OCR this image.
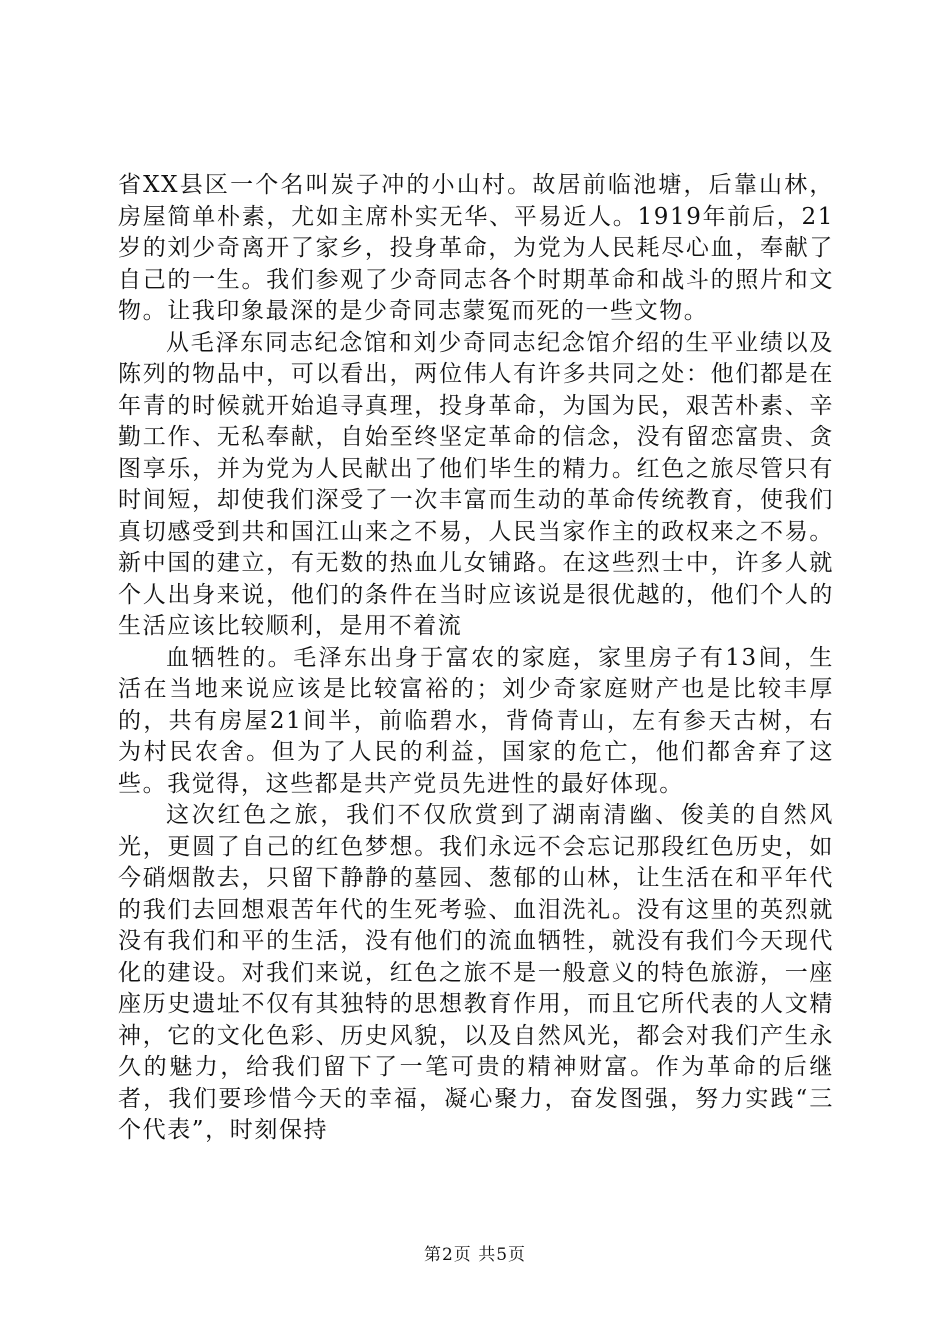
省XX县区一个名叫炭子冲的小山村。故居前临池塘，后靠山林，房屋简单朴素，尤如主席朴实无华、平易近人。1919年前后，21岁的刘少奇离开了家乡，投身革命，为党为人民耗尽心血，奉献了自己的一生。我们参观了少奇同志各个时期革命和战斗的照片和文物。让我印象最深的是少奇同志蒙冤而死的一些文物。

从毛泽东同志纪念馆和刘少奇同志纪念馆介绍的生平业绩以及陈列的物品中，可以看出，两位伟人有许多共同之处：他们都是在年青的时候就开始追寻真理，投身革命，为国为民，艰苦朴素、辛勤工作、无私奉献，自始至终坚定革命的信念，没有留恋富贵、贪图享乐，并为党为人民献出了他们毕生的精力。红色之旅尽管只有时间短，却使我们深受了一次丰富而生动的革命传统教育，使我们真切感受到共和国江山来之不易，人民当家作主的政权来之不易。新中国的建立，有无数的热血儿女铺路。在这些烈士中，许多人就个人出身来说，他们的条件在当时应该说是很优越的，他们个人的生活应该比较顺利，是用不着流

血牺牲的。毛泽东出身于富农的家庭，家里房子有13间，生活在当地来说应该是比较富裕的；刘少奇家庭财产也是比较丰厚的，共有房屋21间半，前临碧水，背倚青山，左有参天古树，右为村民农舍。但为了人民的利益，国家的危亡，他们都舍弃了这些。我觉得，这些都是共产党员先进性的最好体现。

这次红色之旅，我们不仅欣赏到了湖南清幽、俊美的自然风光，更圆了自己的红色梦想。我们永远不会忘记那段红色历史，如今硝烟散去，只留下静静的墓园、葱郁的山林，让生活在和平年代的我们去回想艰苦年代的生死考验、血泪洗礼。没有这里的英烈就没有我们和平的生活，没有他们的流血牺牲，就没有我们今天现代化的建设。对我们来说，红色之旅不是一般意义的特色旅游，一座座历史遗址不仅有其独特的思想教育作用，而且它所代表的人文精神，它的文化色彩、历史风貌，以及自然风光，都会对我们产生永久的魅力，给我们留下了一笔可贵的精神财富。作为革命的后继者，我们要珍惜今天的幸福，凝心聚力，奋发图强，努力实践“三个代表”，时刻保持

第2页 共5页
